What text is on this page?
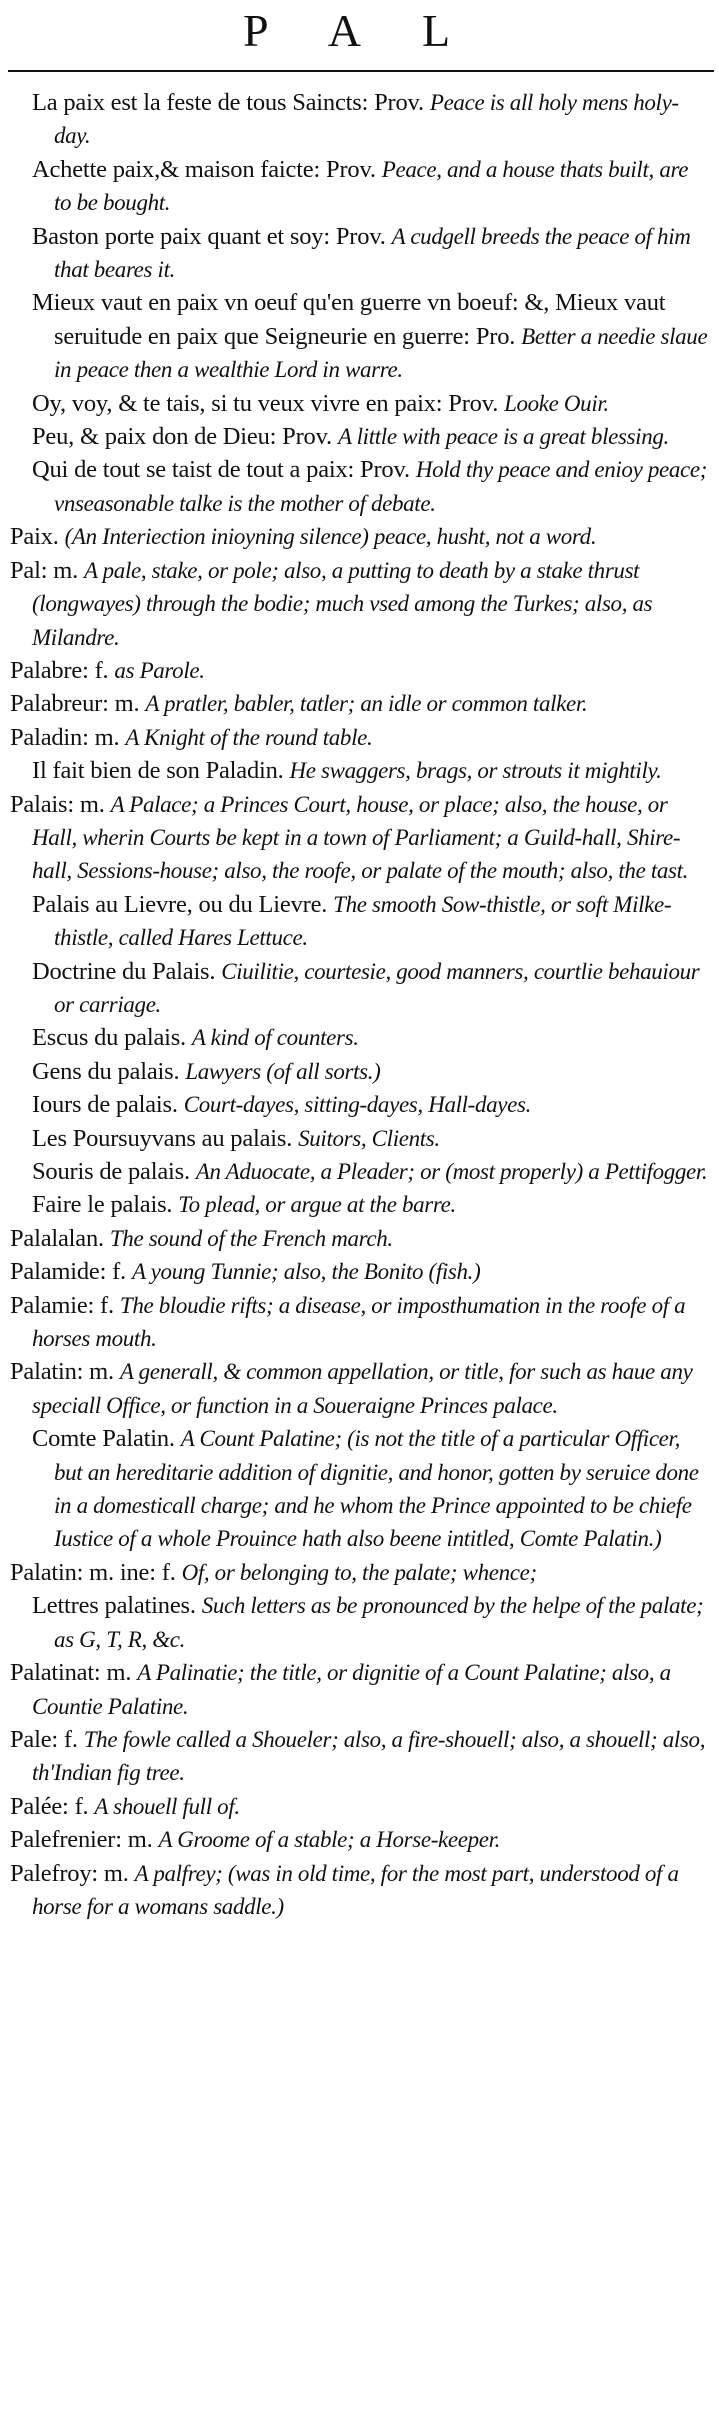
P A L

La paix est la feste de tous Saincts: Prov. Peace is all holy mens holy-day.

Achette paix,& maison faicte: Prov. Peace, and a house thats built, are to be bought.

Baston porte paix quant et soy: Prov. A cudgell breeds the peace of him that beares it.

Mieux vaut en paix vn oeuf qu'en guerre vn boeuf: &, Mieux vaut seruitude en paix que Seigneurie en guerre: Pro. Better a needie slaue in peace then a wealthie Lord in warre.

Oy, voy, & te tais, si tu veux vivre en paix: Prov. Looke Ouir.

Peu, & paix don de Dieu: Prov. A little with peace is a great blessing.

Qui de tout se taist de tout a paix: Prov. Hold thy peace and enioy peace; vnseasonable talke is the mother of debate.

Paix. (An Interiection inioyning silence) peace, husht, not a word.

Pal: m. A pale, stake, or pole; also, a putting to death by a stake thrust (longwayes) through the bodie; much vsed among the Turkes; also, as Milandre.

Palabre: f. as Parole.

Palabreur: m. A pratler, babler, tatler; an idle or common talker.

Paladin: m. A Knight of the round table.

Il fait bien de son Paladin. He swaggers, brags, or strouts it mightily.

Palais: m. A Palace; a Princes Court, house, or place; also, the house, or Hall, wherin Courts be kept in a town of Parliament; a Guild-hall, Shire-hall, Sessions-house; also, the roofe, or palate of the mouth; also, the tast.

Palais au Lievre, ou du Lievre. The smooth Sow-thistle, or soft Milke-thistle, called Hares Lettuce.

Doctrine du Palais. Ciuilitie, courtesie, good manners, courtlie behauiour or carriage.

Escus du palais. A kind of counters.

Gens du palais. Lawyers (of all sorts.)

Iours de palais. Court-dayes, sitting-dayes, Hall-dayes.

Les Poursuyvans au palais. Suitors, Clients.

Souris de palais. An Aduocate, a Pleader; or (most properly) a Pettifogger.

Faire le palais. To plead, or argue at the barre.

Palalalan. The sound of the French march.

Palamide: f. A young Tunnie; also, the Bonito (fish.)

Palamie: f. The bloudie rifts; a disease, or imposthumation in the roofe of a horses mouth.

Palatin: m. A generall, & common appellation, or title, for such as haue any speciall Office, or function in a Soueraigne Princes palace.

Comte Palatin. A Count Palatine; (is not the title of a particular Officer, but an hereditarie addition of dignitie, and honor, gotten by seruice done in a domesticall charge; and he whom the Prince appointed to be chiefe Iustice of a whole Prouince hath also beene intitled, Comte Palatin.)

Palatin: m. ine: f. Of, or belonging to, the palate; whence;

Lettres palatines. Such letters as be pronounced by the helpe of the palate; as G, T, R, &c.

Palatinat: m. A Palinatie; the title, or dignitie of a Count Palatine; also, a Countie Palatine.

Pale: f. The fowle called a Shoueler; also, a fire-shouell; also, a shouell; also, th'Indian fig tree.

Palée: f. A shouell full of.

Palefrenier: m. A Groome of a stable; a Horse-keeper.

Palefroy: m. A palfrey; (was in old time, for the most part, understood of a horse for a womans saddle.)
